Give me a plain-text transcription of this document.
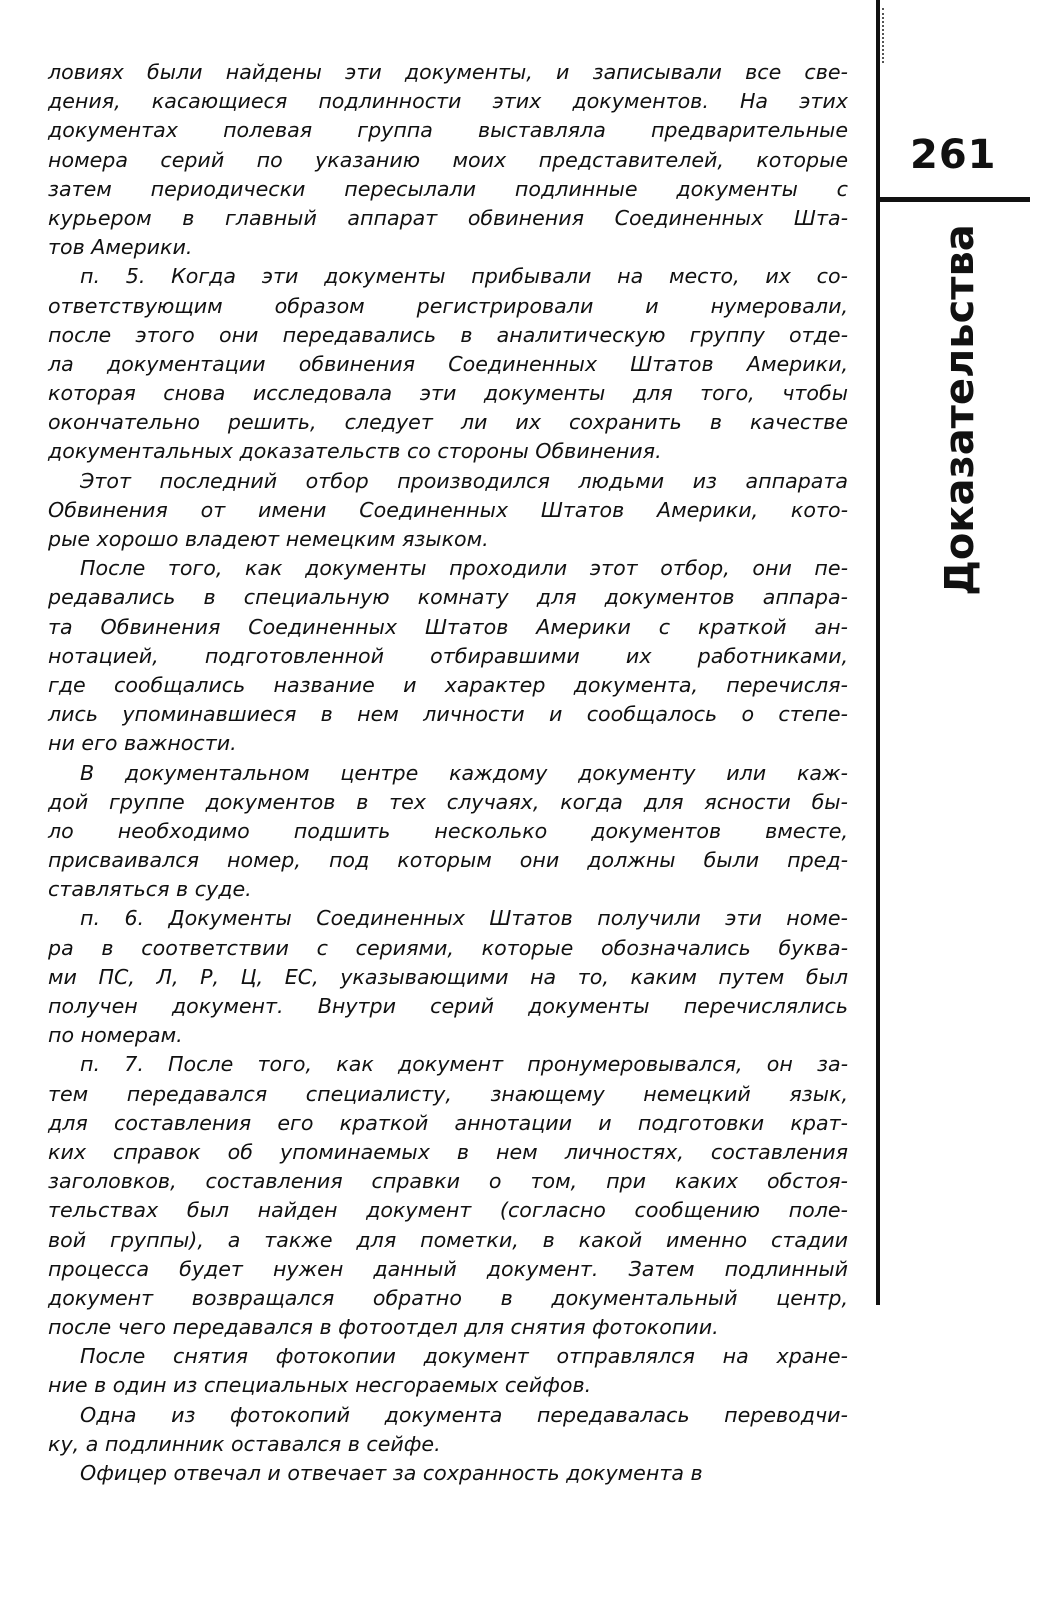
261
Доказательства
ловиях были найдены эти документы, и записывали все све-
дения, касающиеся подлинности этих документов. На этих
документах полевая группа выставляла предварительные
номера серий по указанию моих представителей, которые
затем периодически пересылали подлинные документы с
курьером в главный аппарат обвинения Соединенных Шта-
тов Америки.
п. 5. Когда эти документы прибывали на место, их со-
ответствующим образом регистрировали и нумеровали,
после этого они передавались в аналитическую группу отде-
ла документации обвинения Соединенных Штатов Америки,
которая снова исследовала эти документы для того, чтобы
окончательно решить, следует ли их сохранить в качестве
документальных доказательств со стороны Обвинения.
Этот последний отбор производился людьми из аппарата
Обвинения от имени Соединенных Штатов Америки, кото-
рые хорошо владеют немецким языком.
После того, как документы проходили этот отбор, они пе-
редавались в специальную комнату для документов аппара-
та Обвинения Соединенных Штатов Америки с краткой ан-
нотацией, подготовленной отбиравшими их работниками,
где сообщались название и характер документа, перечисля-
лись упоминавшиеся в нем личности и сообщалось о степе-
ни его важности.
В документальном центре каждому документу или каж-
дой группе документов в тех случаях, когда для ясности бы-
ло необходимо подшить несколько документов вместе,
присваивался номер, под которым они должны были пред-
ставляться в суде.
п. 6. Документы Соединенных Штатов получили эти номе-
ра в соответствии с сериями, которые обозначались буква-
ми ПС, Л, Р, Ц, ЕС, указывающими на то, каким путем был
получен документ. Внутри серий документы перечислялись
по номерам.
п. 7. После того, как документ пронумеровывался, он за-
тем передавался специалисту, знающему немецкий язык,
для составления его краткой аннотации и подготовки крат-
ких справок об упоминаемых в нем личностях, составления
заголовков, составления справки о том, при каких обстоя-
тельствах был найден документ (согласно сообщению поле-
вой группы), а также для пометки, в какой именно стадии
процесса будет нужен данный документ. Затем подлинный
документ возвращался обратно в документальный центр,
после чего передавался в фотоотдел для снятия фотокопии.
После снятия фотокопии документ отправлялся на хране-
ние в один из специальных несгораемых сейфов.
Одна из фотокопий документа передавалась переводчи-
ку, а подлинник оставался в сейфе.
Офицер отвечал и отвечает за сохранность документа в
